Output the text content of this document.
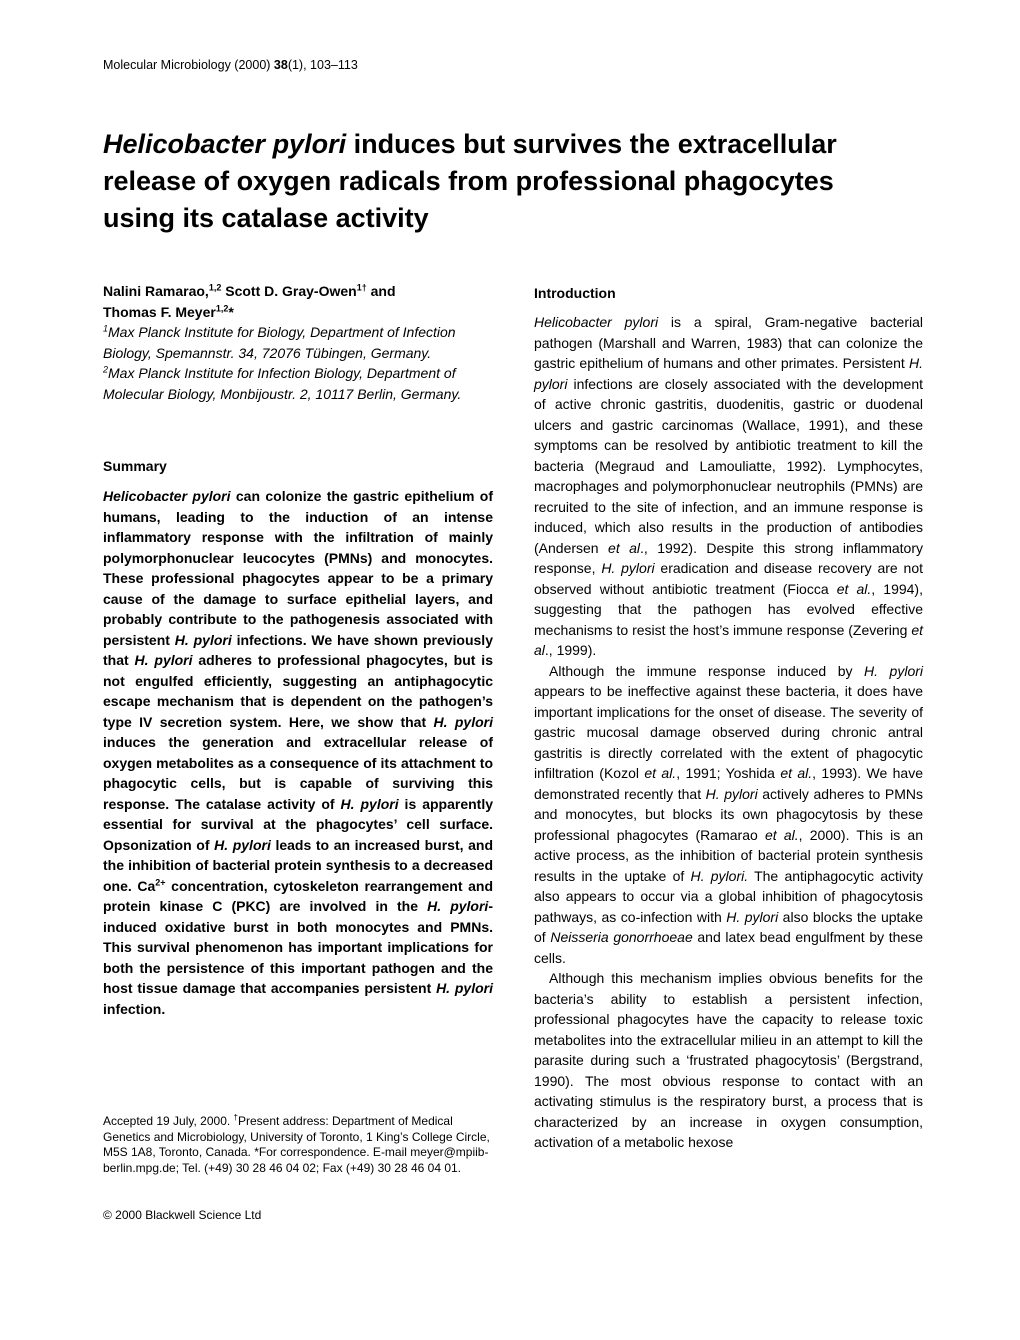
Molecular Microbiology (2000) 38(1), 103–113
Helicobacter pylori induces but survives the extracellular release of oxygen radicals from professional phagocytes using its catalase activity
Nalini Ramarao,$^{1,2}$ Scott D. Gray-Owen$^{1\dagger}$ and
Thomas F. Meyer$^{1,2}$*
$^1$Max Planck Institute for Biology, Department of Infection Biology, Spemannstr. 34, 72076 Tübingen, Germany.
$^2$Max Planck Institute for Infection Biology, Department of Molecular Biology, Monbijoustr. 2, 10117 Berlin, Germany.
Summary
Helicobacter pylori can colonize the gastric epithelium of humans, leading to the induction of an intense inflammatory response with the infiltration of mainly polymorphonuclear leucocytes (PMNs) and monocytes. These professional phagocytes appear to be a primary cause of the damage to surface epithelial layers, and probably contribute to the pathogenesis associated with persistent H. pylori infections. We have shown previously that H. pylori adheres to professional phagocytes, but is not engulfed efficiently, suggesting an antiphagocytic escape mechanism that is dependent on the pathogen’s type IV secretion system. Here, we show that H. pylori induces the generation and extracellular release of oxygen metabolites as a consequence of its attachment to phagocytic cells, but is capable of surviving this response. The catalase activity of H. pylori is apparently essential for survival at the phagocytes’ cell surface. Opsonization of H. pylori leads to an increased burst, and the inhibition of bacterial protein synthesis to a decreased one. $Ca^{2+}$ concentration, cytoskeleton rearrangement and protein kinase C (PKC) are involved in the H. pylori-induced oxidative burst in both monocytes and PMNs. This survival phenomenon has important implications for both the persistence of this important pathogen and the host tissue damage that accompanies persistent H. pylori infection.
Accepted 19 July, 2000. †Present address: Department of Medical Genetics and Microbiology, University of Toronto, 1 King’s College Circle, M5S 1A8, Toronto, Canada. *For correspondence. E-mail meyer@mpiib-berlin.mpg.de; Tel. (+49) 30 28 46 04 02; Fax (+49) 30 28 46 04 01.
© 2000 Blackwell Science Ltd
Introduction

Helicobacter pylori is a spiral, Gram-negative bacterial pathogen (Marshall and Warren, 1983) that can colonize the gastric epithelium of humans and other primates. Persistent H. pylori infections are closely associated with the development of active chronic gastritis, duodenitis, gastric or duodenal ulcers and gastric carcinomas (Wallace, 1991), and these symptoms can be resolved by antibiotic treatment to kill the bacteria (Megraud and Lamouliatte, 1992). Lymphocytes, macrophages and polymorphonuclear neutrophils (PMNs) are recruited to the site of infection, and an immune response is induced, which also results in the production of antibodies (Andersen et al., 1992). Despite this strong inflammatory response, H. pylori eradication and disease recovery are not observed without antibiotic treatment (Fiocca et al., 1994), suggesting that the pathogen has evolved effective mechanisms to resist the host’s immune response (Zevering et al., 1999).

Although the immune response induced by H. pylori appears to be ineffective against these bacteria, it does have important implications for the onset of disease. The severity of gastric mucosal damage observed during chronic antral gastritis is directly correlated with the extent of phagocytic infiltration (Kozol et al., 1991; Yoshida et al., 1993). We have demonstrated recently that H. pylori actively adheres to PMNs and monocytes, but blocks its own phagocytosis by these professional phagocytes (Ramarao et al., 2000). This is an active process, as the inhibition of bacterial protein synthesis results in the uptake of H. pylori. The antiphagocytic activity also appears to occur via a global inhibition of phagocytosis pathways, as co-infection with H. pylori also blocks the uptake of Neisseria gonorrhoeae and latex bead engulfment by these cells.

Although this mechanism implies obvious benefits for the bacteria’s ability to establish a persistent infection, professional phagocytes have the capacity to release toxic metabolites into the extracellular milieu in an attempt to kill the parasite during such a ‘frustrated phagocytosis’ (Bergstrand, 1990). The most obvious response to contact with an activating stimulus is the respiratory burst, a process that is characterized by an increase in oxygen consumption, activation of a metabolic hexose
